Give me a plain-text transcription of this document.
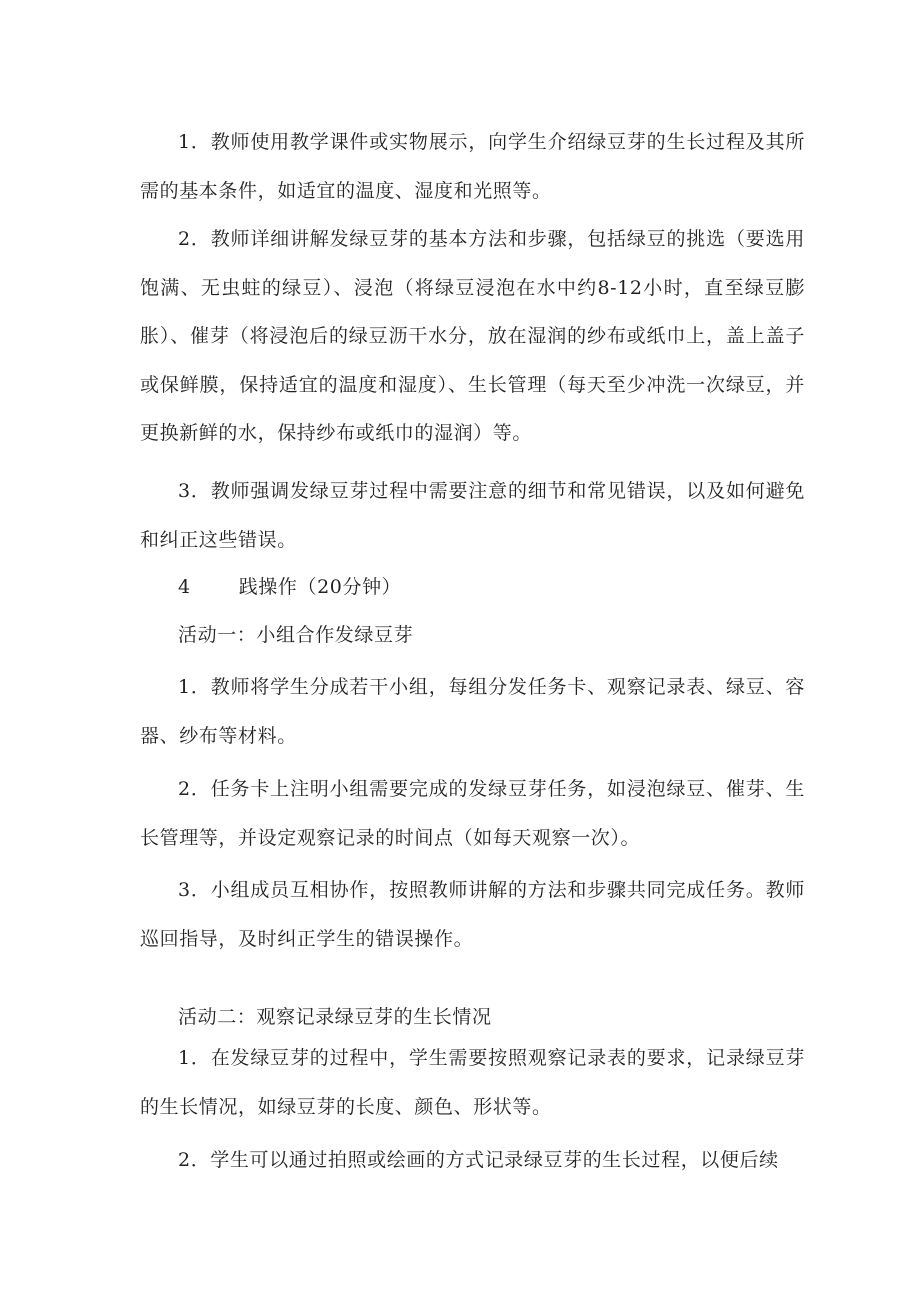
1．教师使用教学课件或实物展示，向学生介绍绿豆芽的生长过程及其所需的基本条件，如适宜的温度、湿度和光照等。

2．教师详细讲解发绿豆芽的基本方法和步骤，包括绿豆的挑选（要选用饱满、无虫蛀的绿豆）、浸泡（将绿豆浸泡在水中约8-12小时，直至绿豆膨胀）、催芽（将浸泡后的绿豆沥干水分，放在湿润的纱布或纸巾上，盖上盖子或保鲜膜，保持适宜的温度和湿度）、生长管理（每天至少冲洗一次绿豆，并更换新鲜的水，保持纱布或纸巾的湿润）等。

3．教师强调发绿豆芽过程中需要注意的细节和常见错误，以及如何避免和纠正这些错误。

4	践操作（20分钟）
活动一：小组合作发绿豆芽

1．教师将学生分成若干小组，每组分发任务卡、观察记录表、绿豆、容器、纱布等材料。

2．任务卡上注明小组需要完成的发绿豆芽任务，如浸泡绿豆、催芽、生长管理等，并设定观察记录的时间点（如每天观察一次）。

3．小组成员互相协作，按照教师讲解的方法和步骤共同完成任务。教师巡回指导，及时纠正学生的错误操作。

活动二：观察记录绿豆芽的生长情况

1．在发绿豆芽的过程中，学生需要按照观察记录表的要求，记录绿豆芽的生长情况，如绿豆芽的长度、颜色、形状等。

2．学生可以通过拍照或绘画的方式记录绿豆芽的生长过程，以便后续
